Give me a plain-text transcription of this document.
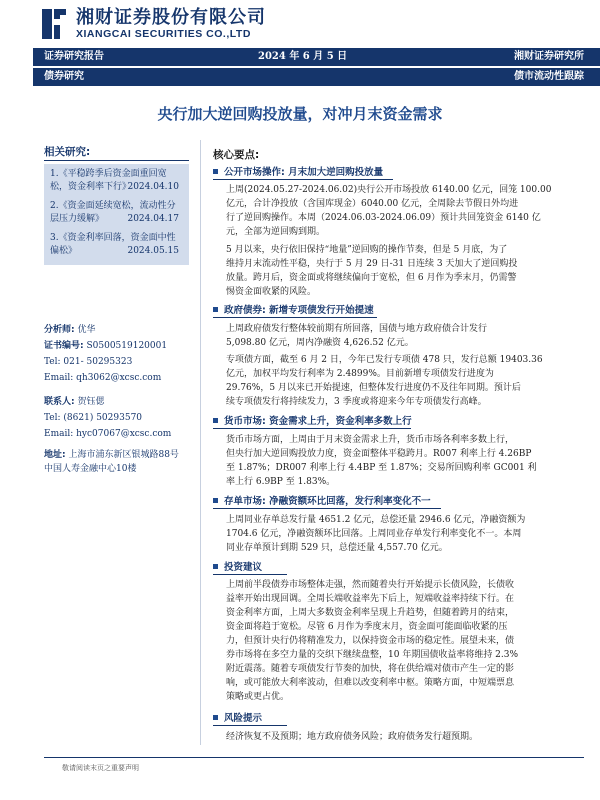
湘财证券股份有限公司
XIANGCAI SECURITIES CO.,LTD
证券研究报告	2024 年 6 月 5 日	湘财证券研究所
债券研究	债市流动性跟踪
央行加大逆回购投放量，对冲月末资金需求
相关研究:
1.《平稳跨季后资金面重回宽
松，资金利率下行》
2024.04.10
2.《资金面延续宽松，流动性分
层压力缓解》	2024.04.17
3.《资金利率回落，资金面中性
偏松》	2024.05.15
分析师: 优华
证书编号: S0500519120001
Tel: 021- 50295323
Email: qh3062@xcsc.com
联系人: 贺钰偲
Tel: (8621) 50293570
Email: hyc07067@xcsc.com
地址: 上海市浦东新区银城路88号
中国人寿金融中心10楼
核心要点:
公开市场操作: 月末加大逆回购投放量
上周(2024.05.27-2024.06.02)央行公开市场投放 6140.00 亿元，回笼 100.00
亿元，合计净投放（含国库现金）6040.00 亿元，全周除去节假日外均进
行了逆回购操作。本周（2024.06.03-2024.06.09）预计共回笼资金 6140 亿
元，全部为逆回购到期。
5 月以来，央行依旧保持“地量”逆回购的操作节奏，但是 5 月底，为了
维持月末流动性平稳，央行于 5 月 29 日-31 日连续 3 天加大了逆回购投
放量。跨月后，资金面或将继续偏向于宽松，但 6 月作为季末月，仍需警
惕资金面收紧的风险。
政府债券: 新增专项债发行开始提速
上周政府债发行整体较前期有所回落，国债与地方政府债合计发行
5,098.80 亿元，周内净融资 4,626.52 亿元。
专项债方面，截至 6 月 2 日，今年已发行专项债 478 只，发行总额 19403.36
亿元，加权平均发行利率为 2.4899%。目前新增专项债发行进度为
29.76%，5 月以来已开始提速，但整体发行进度仍不及往年同期。预计后
续专项债发行将持续发力，3 季度或将迎来今年专项债发行高峰。
货币市场: 资金需求上升，资金利率多数上行
货币市场方面，上周由于月末资金需求上升，货币市场各利率多数上行，
但央行加大逆回购投放力度，资金面整体平稳跨月。R007 利率上行 4.26BP
至 1.87%；DR007 利率上行 4.4BP 至 1.87%；交易所回购利率 GC001 利
率上行 6.9BP 至 1.83%。
存单市场: 净融资额环比回落，发行利率变化不一
上周同业存单总发行量 4651.2 亿元，总偿还量 2946.6 亿元，净融资额为
1704.6 亿元，净融资额环比回落。上周同业存单发行利率变化不一。本周
同业存单预计到期 529 只，总偿还量 4,557.70 亿元。
投资建议
上周前半段债券市场整体走强，然而随着央行开始提示长债风险，长债收
益率开始出现回调。全周长端收益率先下后上，短端收益率持续下行。在
资金利率方面，上周大多数资金利率呈现上升趋势，但随着跨月的结束，
资金面将趋于宽松。尽管 6 月作为季度末月，资金面可能面临收紧的压
力，但预计央行仍将精准发力，以保持资金市场的稳定性。展望未来，债
券市场将在多空力量的交织下继续盘整，10 年期国债收益率将维持 2.3%
附近震荡。随着专项债发行节奏的加快，将在供给端对债市产生一定的影
响，或可能放大利率波动，但难以改变利率中枢。策略方面，中短端票息
策略或更占优。
风险提示
经济恢复不及预期；地方政府债务风险；政府债务发行超预期。
敬请阅读末页之重要声明
